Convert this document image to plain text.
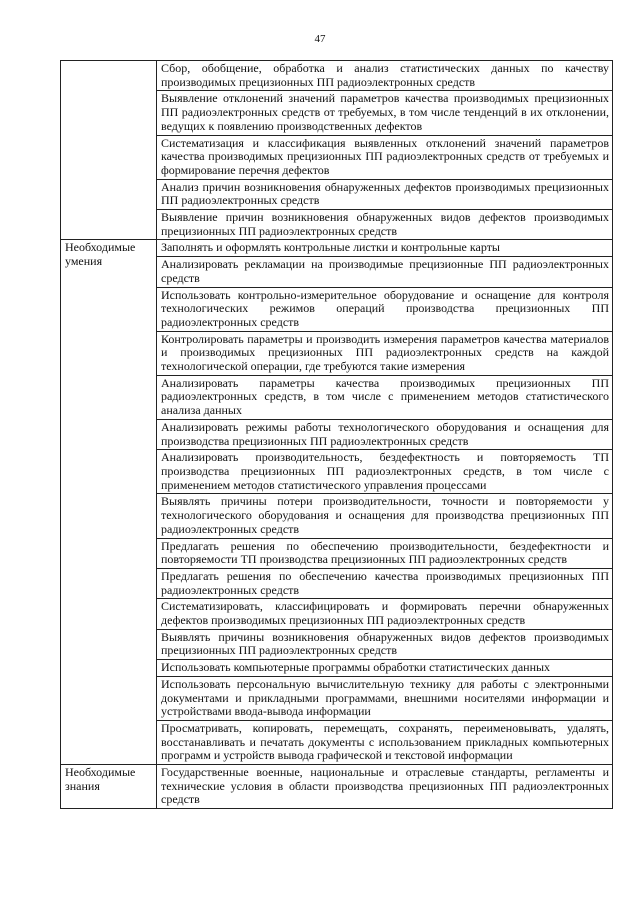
47
	Сбор, обобщение, обработка и анализ статистических данных по качеству производимых прецизионных ПП радиоэлектронных средств
	Выявление отклонений значений параметров качества производимых прецизионных ПП радиоэлектронных средств от требуемых, в том числе тенденций в их отклонении, ведущих к появлению производственных дефектов
	Систематизация и классификация выявленных отклонений значений параметров качества производимых прецизионных ПП радиоэлектронных средств от требуемых и формирование перечня дефектов
	Анализ причин возникновения обнаруженных дефектов производимых прецизионных ПП радиоэлектронных средств
	Выявление причин возникновения обнаруженных видов дефектов производимых прецизионных ПП радиоэлектронных средств
Необходимые умения	Заполнять и оформлять контрольные листки и контрольные карты
	Анализировать рекламации на производимые прецизионные ПП радиоэлектронных средств
	Использовать контрольно-измерительное оборудование и оснащение для контроля технологических режимов операций производства прецизионных ПП радиоэлектронных средств
	Контролировать параметры и производить измерения параметров качества материалов и производимых прецизионных ПП радиоэлектронных средств на каждой технологической операции, где требуются такие измерения
	Анализировать параметры качества производимых прецизионных ПП радиоэлектронных средств, в том числе с применением методов статистического анализа данных
	Анализировать режимы работы технологического оборудования и оснащения для производства прецизионных ПП радиоэлектронных средств
	Анализировать производительность, бездефектность и повторяемость ТП производства прецизионных ПП радиоэлектронных средств, в том числе с применением методов статистического управления процессами
	Выявлять причины потери производительности, точности и повторяемости у технологического оборудования и оснащения для производства прецизионных ПП радиоэлектронных средств
	Предлагать решения по обеспечению производительности, бездефектности и повторяемости ТП производства прецизионных ПП радиоэлектронных средств
	Предлагать решения по обеспечению качества производимых прецизионных ПП радиоэлектронных средств
	Систематизировать, классифицировать и формировать перечни обнаруженных дефектов производимых прецизионных ПП радиоэлектронных средств
	Выявлять причины возникновения обнаруженных видов дефектов производимых прецизионных ПП радиоэлектронных средств
	Использовать компьютерные программы обработки статистических данных
	Использовать персональную вычислительную технику для работы с электронными документами и прикладными программами, внешними носителями информации и устройствами ввода-вывода информации
	Просматривать, копировать, перемещать, сохранять, переименовывать, удалять, восстанавливать и печатать документы с использованием прикладных компьютерных программ и устройств вывода графической и текстовой информации
Необходимые знания	Государственные военные, национальные и отраслевые стандарты, регламенты и технические условия в области производства прецизионных ПП радиоэлектронных средств
